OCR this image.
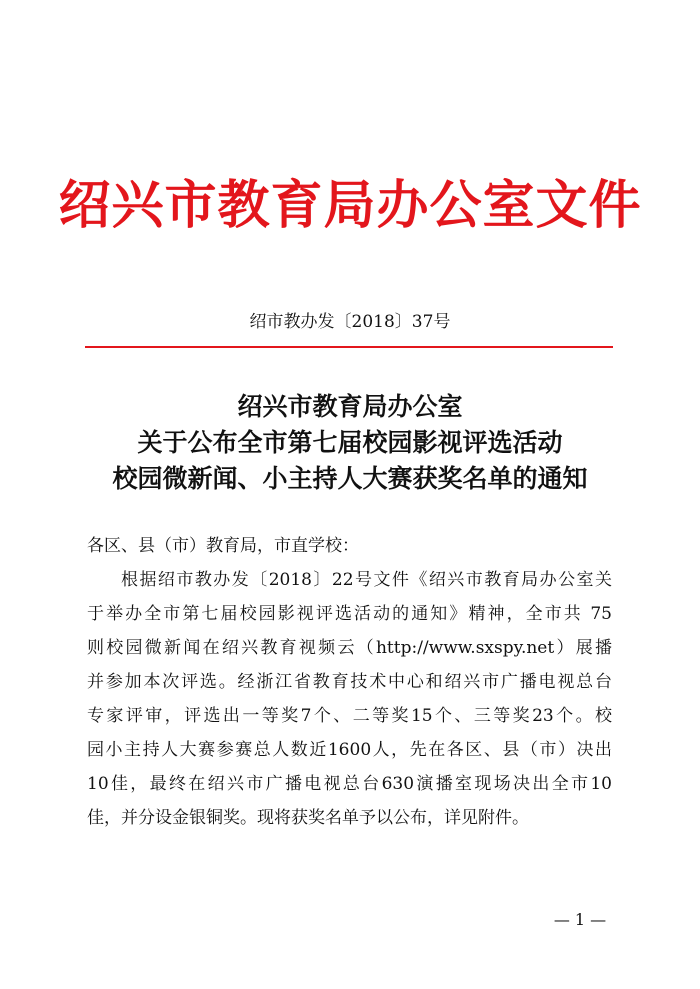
绍兴市教育局办公室文件
绍市教办发〔2018〕37号
绍兴市教育局办公室
关于公布全市第七届校园影视评选活动
校园微新闻、小主持人大赛获奖名单的通知
各区、县（市）教育局，市直学校：
根据绍市教办发〔2018〕22号文件《绍兴市教育局办公室关
于举办全市第七届校园影视评选活动的通知》精神，全市共 75
则校园微新闻在绍兴教育视频云（http://www.sxspy.net）展播
并参加本次评选。经浙江省教育技术中心和绍兴市广播电视总台
专家评审，评选出一等奖7个、二等奖15个、三等奖23个。校
园小主持人大赛参赛总人数近1600人，先在各区、县（市）决出
10佳，最终在绍兴市广播电视总台630演播室现场决出全市10
佳，并分设金银铜奖。现将获奖名单予以公布，详见附件。
— 1 —
